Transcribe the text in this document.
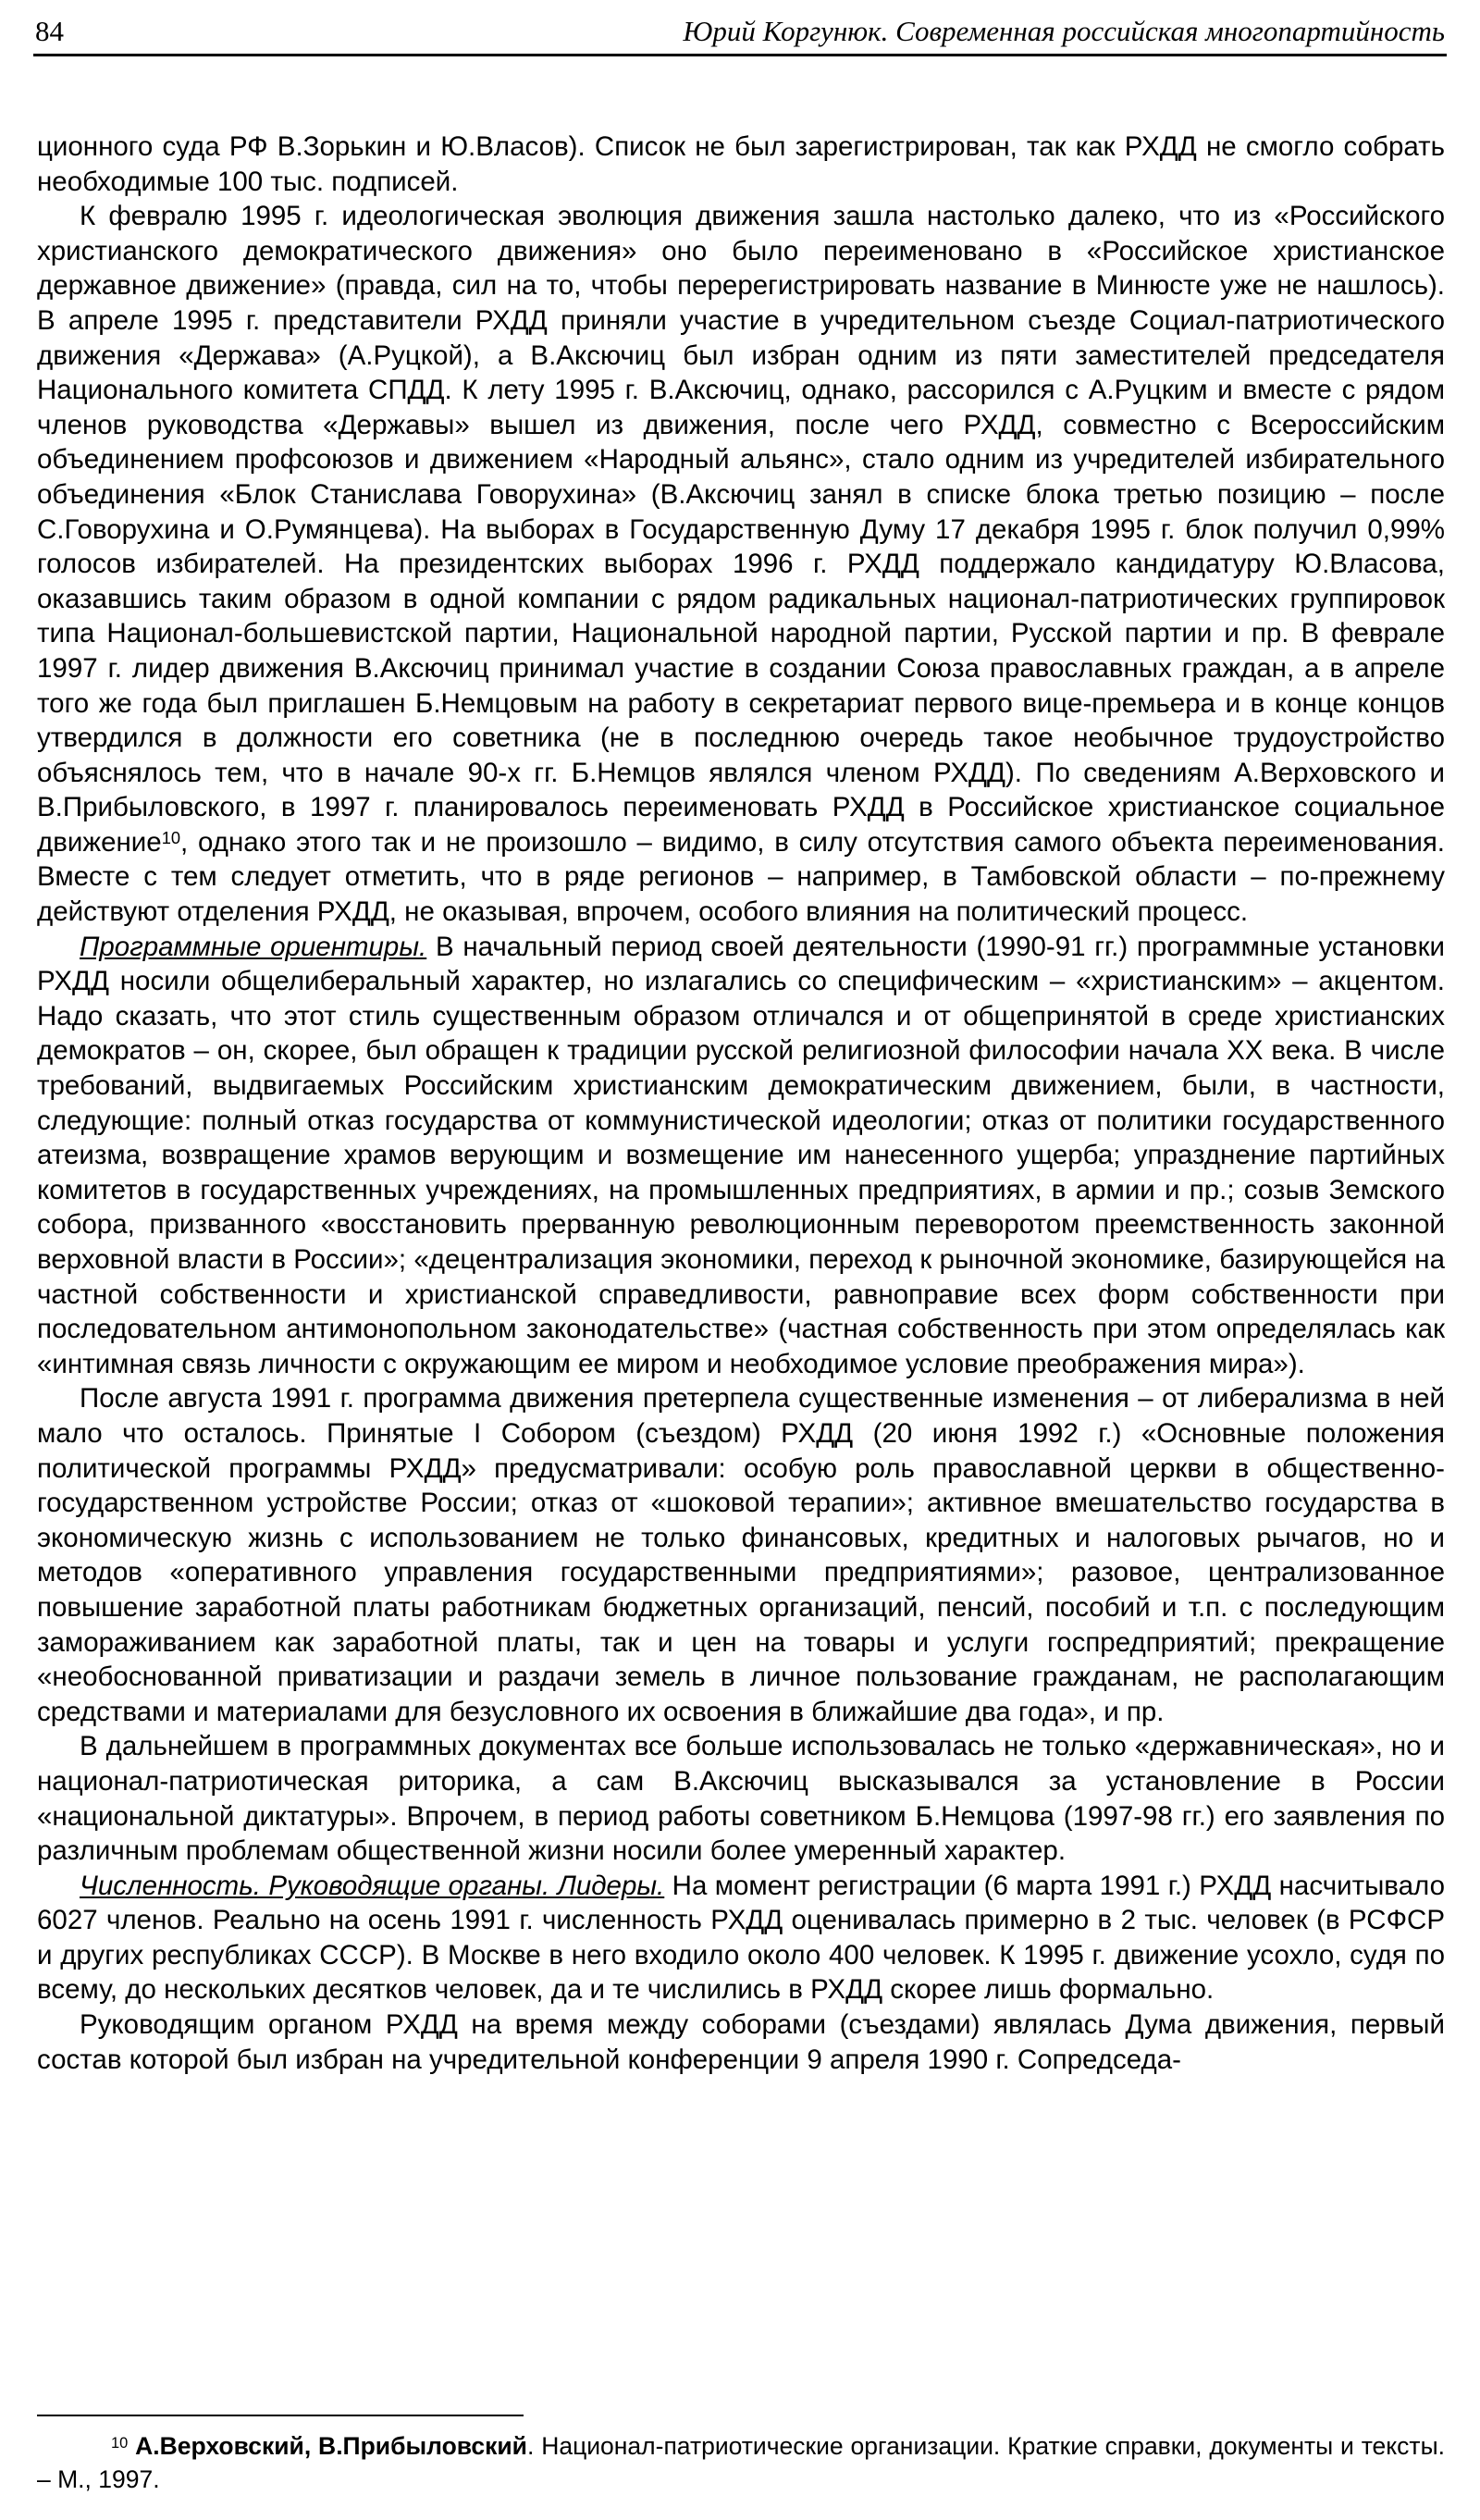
84	Юрий Коргунюк. Современная российская многопартийность

ционного суда РФ В.Зорькин и Ю.Власов). Список не был зарегистрирован, так как РХДД не смогло собрать необходимые 100 тыс. подписей.

К февралю 1995 г. идеологическая эволюция движения зашла настолько далеко, что из «Российского христианского демократического движения» оно было переименовано в «Российское христианское державное движение» (правда, сил на то, чтобы перерегистрировать название в Минюсте уже не нашлось). В апреле 1995 г. представители РХДД приняли участие в учредительном съезде Социал-патриотического движения «Держава» (А.Руцкой), а В.Аксючиц был избран одним из пяти заместителей председателя Национального комитета СПДД. К лету 1995 г. В.Аксючиц, однако, рассорился с А.Руцким и вместе с рядом членов руководства «Державы» вышел из движения, после чего РХДД, совместно с Всероссийским объединением профсоюзов и движением «Народный альянс», стало одним из учредителей избирательного объединения «Блок Станислава Говорухина» (В.Аксючиц занял в списке блока третью позицию – после С.Говорухина и О.Румянцева). На выборах в Государственную Думу 17 декабря 1995 г. блок получил 0,99% голосов избирателей. На президентских выборах 1996 г. РХДД поддержало кандидатуру Ю.Власова, оказавшись таким образом в одной компании с рядом радикальных национал-патриотических группировок типа Национал-большевистской партии, Национальной народной партии, Русской партии и пр. В феврале 1997 г. лидер движения В.Аксючиц принимал участие в создании Союза православных граждан, а в апреле того же года был приглашен Б.Немцовым на работу в секретариат первого вице-премьера и в конце концов утвердился в должности его советника (не в последнюю очередь такое необычное трудоустройство объяснялось тем, что в начале 90-х гг. Б.Немцов являлся членом РХДД). По сведениям А.Верховского и В.Прибыловского, в 1997 г. планировалось переименовать РХДД в Российское христианское социальное движение$^{10}$, однако этого так и не произошло – видимо, в силу отсутствия самого объекта переименования. Вместе с тем следует отметить, что в ряде регионов – например, в Тамбовской области – по-прежнему действуют отделения РХДД, не оказывая, впрочем, особого влияния на политический процесс.

Программные ориентиры. В начальный период своей деятельности (1990-91 гг.) программные установки РХДД носили общелиберальный характер, но излагались со специфическим – «христианским» – акцентом. Надо сказать, что этот стиль существенным образом отличался и от общепринятой в среде христианских демократов – он, скорее, был обращен к традиции русской религиозной философии начала XX века. В числе требований, выдвигаемых Российским христианским демократическим движением, были, в частности, следующие: полный отказ государства от коммунистической идеологии; отказ от политики государственного атеизма, возвращение храмов верующим и возмещение им нанесенного ущерба; упразднение партийных комитетов в государственных учреждениях, на промышленных предприятиях, в армии и пр.; созыв Земского собора, призванного «восстановить прерванную революционным переворотом преемственность законной верховной власти в России»; «децентрализация экономики, переход к рыночной экономике, базирующейся на частной собственности и христианской справедливости, равноправие всех форм собственности при последовательном антимонопольном законодательстве» (частная собственность при этом определялась как «интимная связь личности с окружающим ее миром и необходимое условие преображения мира»).

После августа 1991 г. программа движения претерпела существенные изменения – от либерализма в ней мало что осталось. Принятые I Собором (съездом) РХДД (20 июня 1992 г.) «Основные положения политической программы РХДД» предусматривали: особую роль православной церкви в общественно-государственном устройстве России; отказ от «шоковой терапии»; активное вмешательство государства в экономическую жизнь с использованием не только финансовых, кредитных и налоговых рычагов, но и методов «оперативного управления государственными предприятиями»; разовое, централизованное повышение заработной платы работникам бюджетных организаций, пенсий, пособий и т.п. с последующим замораживанием как заработной платы, так и цен на товары и услуги госпредприятий; прекращение «необоснованной приватизации и раздачи земель в личное пользование гражданам, не располагающим средствами и материалами для безусловного их освоения в ближайшие два года», и пр.

В дальнейшем в программных документах все больше использовалась не только «державническая», но и национал-патриотическая риторика, а сам В.Аксючиц высказывался за установление в России «национальной диктатуры». Впрочем, в период работы советником Б.Немцова (1997-98 гг.) его заявления по различным проблемам общественной жизни носили более умеренный характер.

Численность. Руководящие органы. Лидеры. На момент регистрации (6 марта 1991 г.) РХДД насчитывало 6027 членов. Реально на осень 1991 г. численность РХДД оценивалась примерно в 2 тыс. человек (в РСФСР и других республиках СССР). В Москве в него входило около 400 человек. К 1995 г. движение усохло, судя по всему, до нескольких десятков человек, да и те числились в РХДД скорее лишь формально.

Руководящим органом РХДД на время между соборами (съездами) являлась Дума движения, первый состав которой был избран на учредительной конференции 9 апреля 1990 г. Сопредседа-

$^{10}$ А.Верховский, В.Прибыловский. Национал-патриотические организации. Краткие справки, документы и тексты. – М., 1997.
